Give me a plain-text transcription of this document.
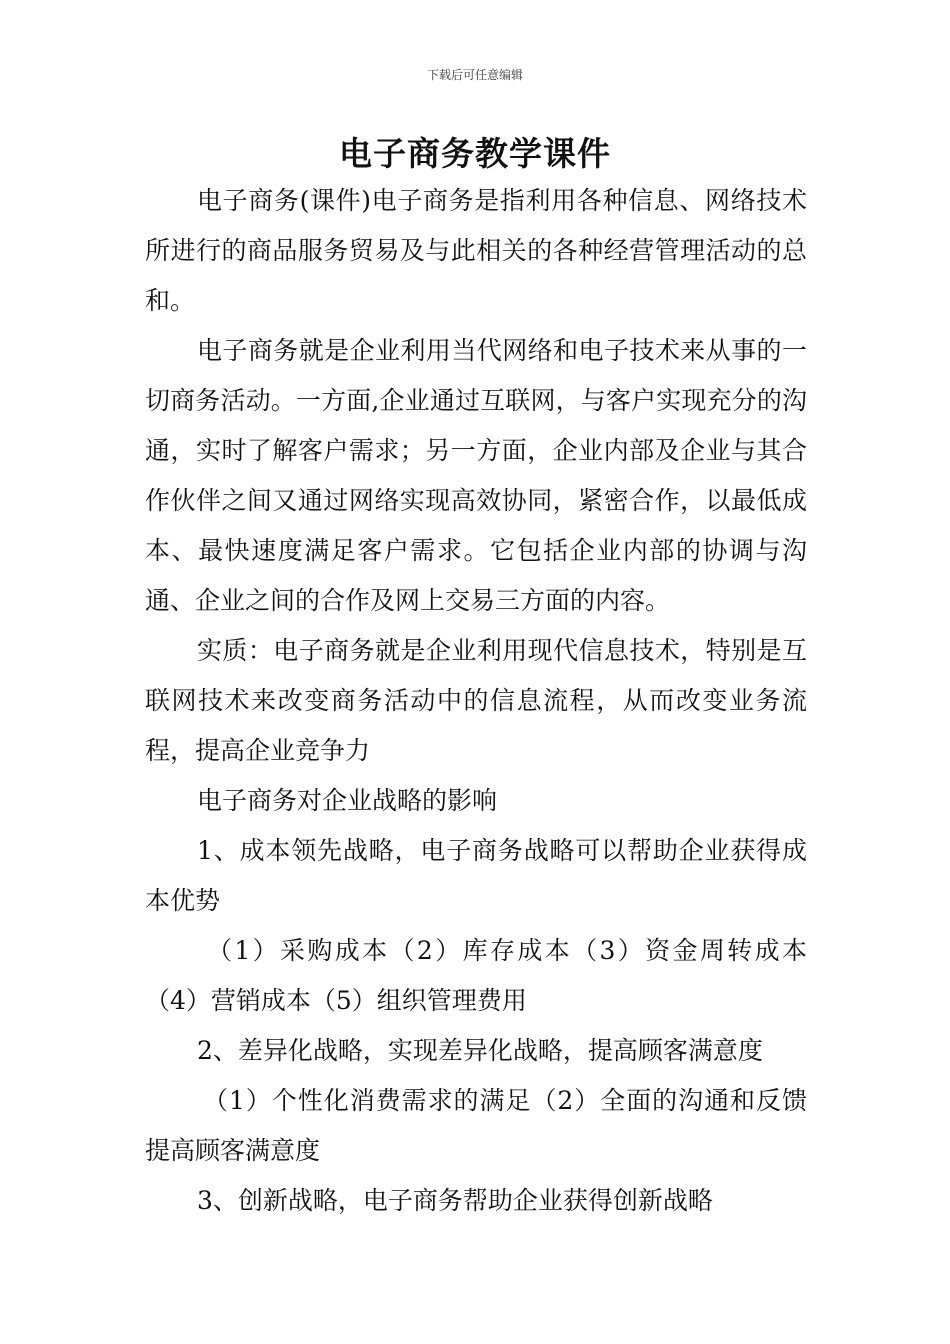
下载后可任意编辑
电子商务教学课件

电子商务(课件)电子商务是指利用各种信息、网络技术所进行的商品服务贸易及与此相关的各种经营管理活动的总和。

电子商务就是企业利用当代网络和电子技术来从事的一切商务活动。一方面,企业通过互联网，与客户实现充分的沟通，实时了解客户需求；另一方面，企业内部及企业与其合作伙伴之间又通过网络实现高效协同，紧密合作，以最低成本、最快速度满足客户需求。它包括企业内部的协调与沟通、企业之间的合作及网上交易三方面的内容。

实质：电子商务就是企业利用现代信息技术，特别是互联网技术来改变商务活动中的信息流程，从而改变业务流程，提高企业竞争力

电子商务对企业战略的影响

1、成本领先战略，电子商务战略可以帮助企业获得成本优势

（1）采购成本（2）库存成本（3）资金周转成本（4）营销成本（5）组织管理费用

2、差异化战略，实现差异化战略，提高顾客满意度

（1）个性化消费需求的满足（2）全面的沟通和反馈提高顾客满意度

3、创新战略，电子商务帮助企业获得创新战略
